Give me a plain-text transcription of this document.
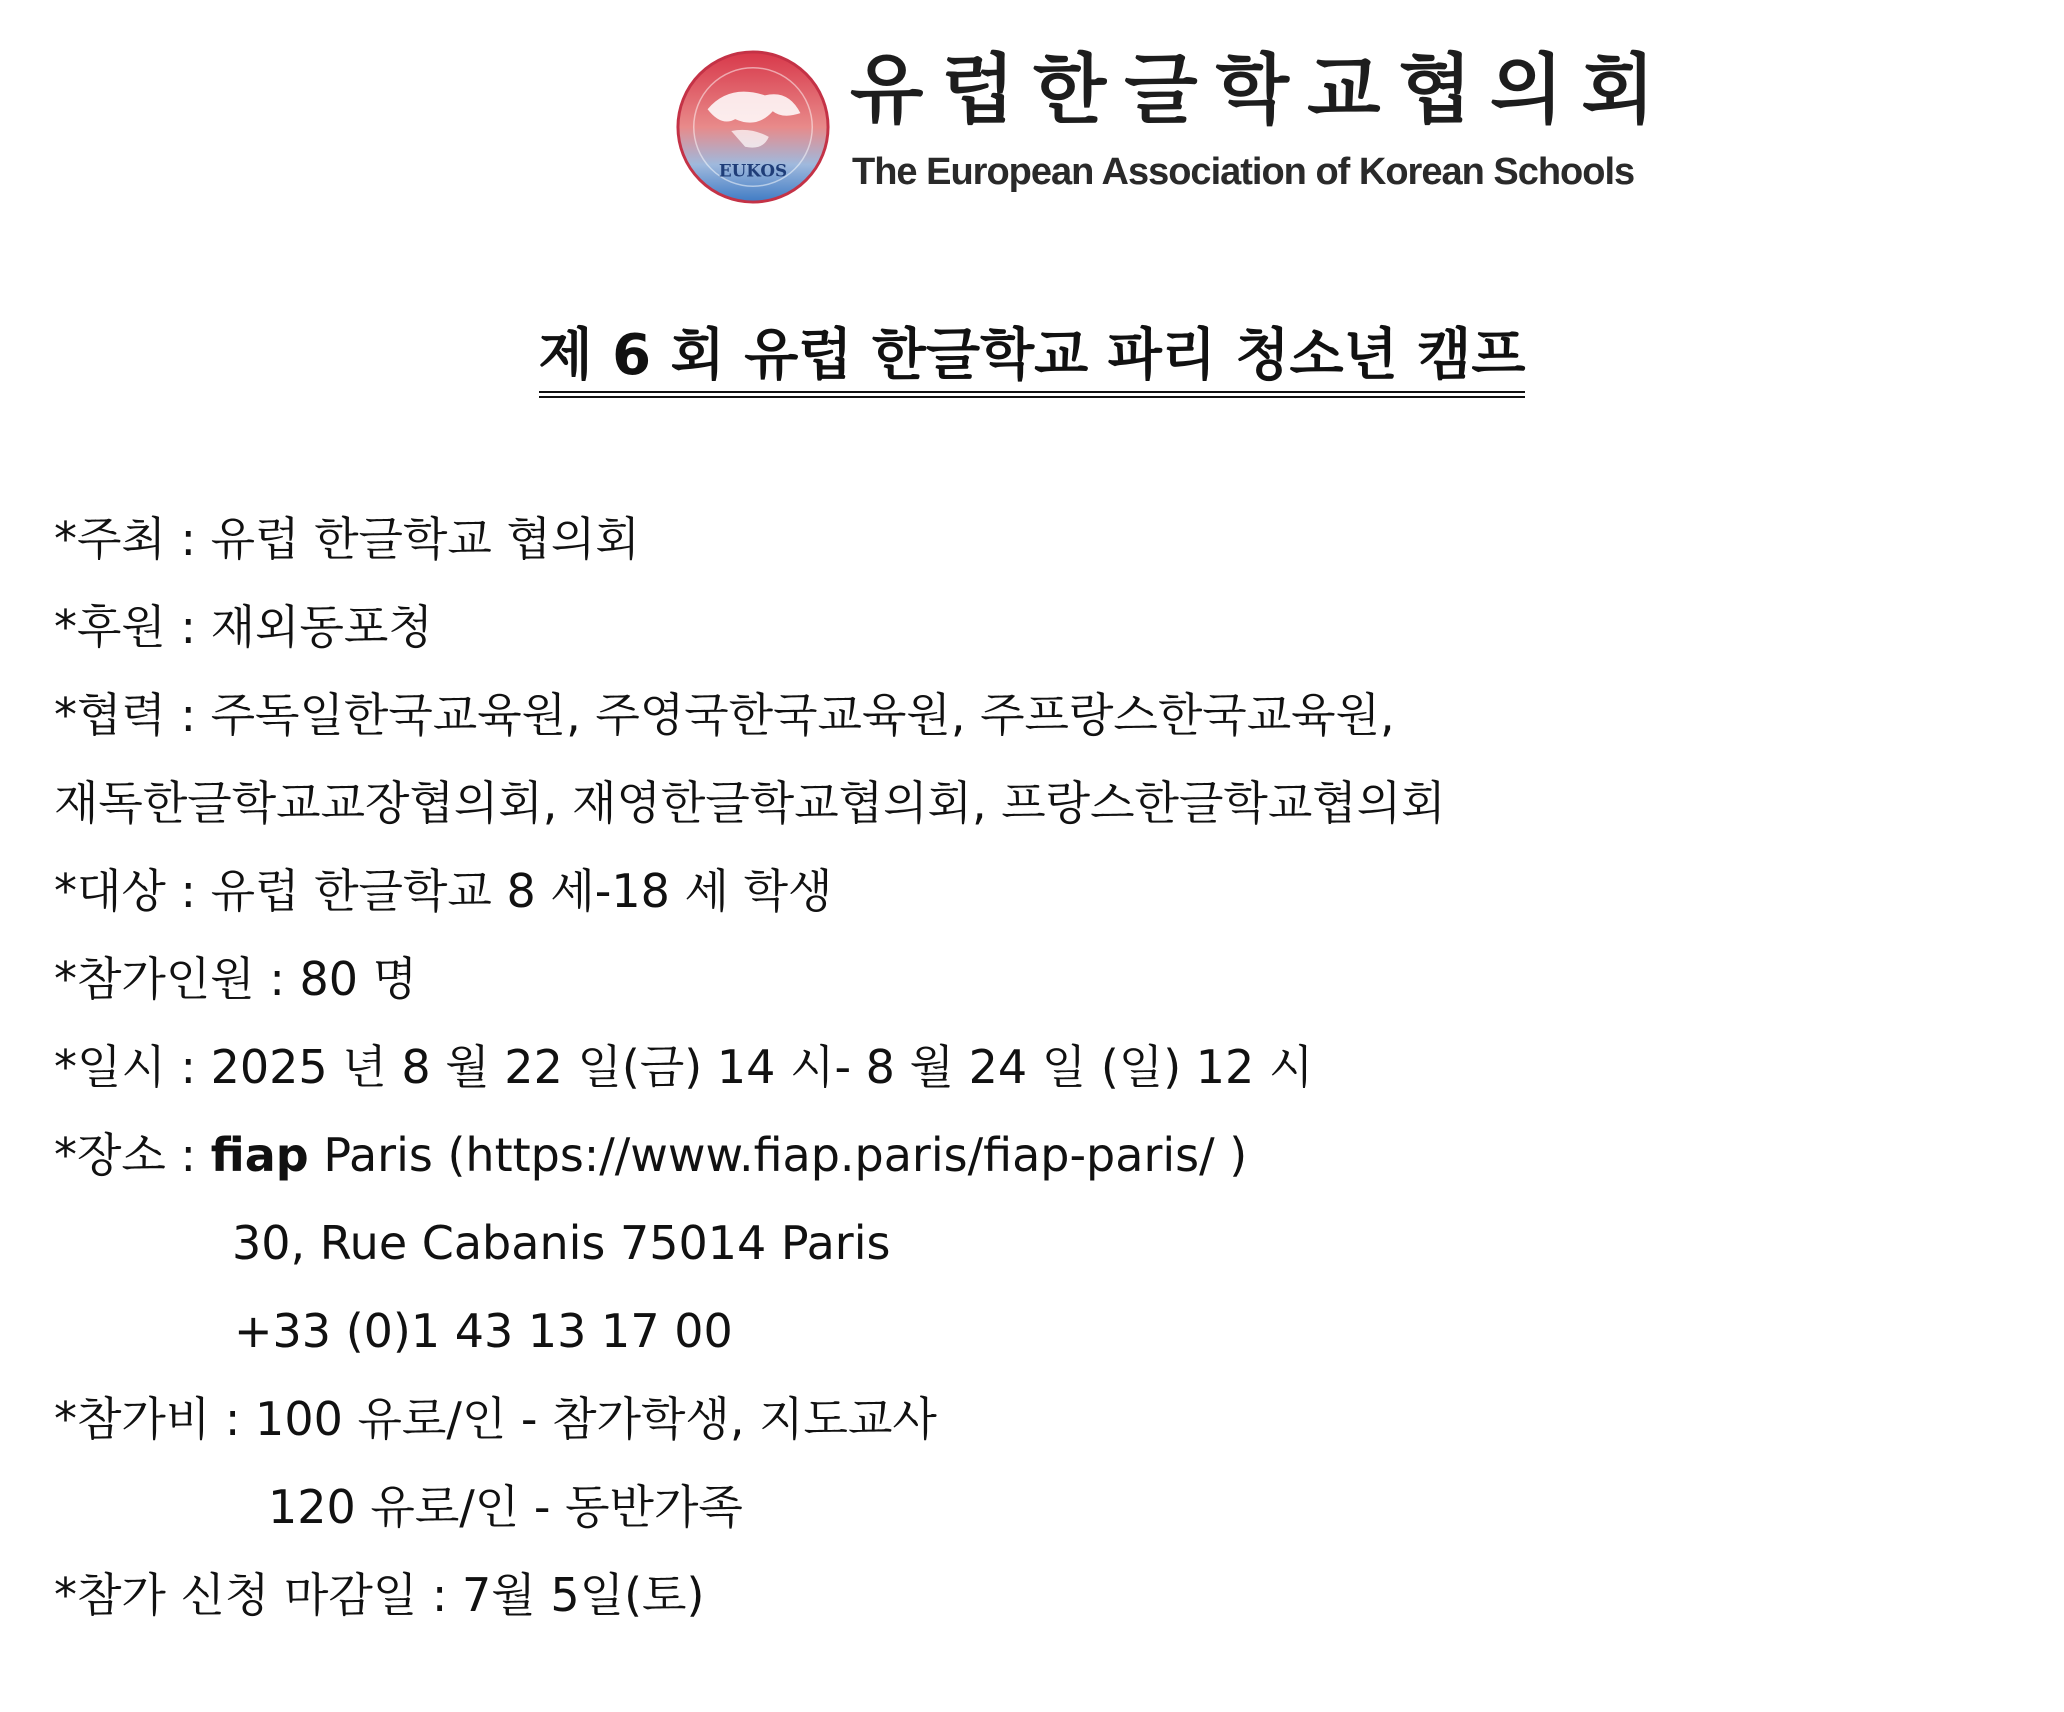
EUKOS
유럽한글학교협의회
The European Association of Korean Schools
제 6 회 유럽 한글학교 파리 청소년 캠프
*주최 : 유럽 한글학교 협의회
*후원 : 재외동포청
*협력 : 주독일한국교육원, 주영국한국교육원, 주프랑스한국교육원,
재독한글학교교장협의회, 재영한글학교협의회, 프랑스한글학교협의회
*대상 : 유럽 한글학교 8 세-18 세 학생
*참가인원 : 80 명
*일시 : 2025 년 8 월 22 일(금) 14 시- 8 월 24 일 (일) 12 시
*장소 : fiap Paris (https://www.fiap.paris/fiap-paris/ )
30, Rue Cabanis 75014 Paris
+33 (0)1 43 13 17 00
*참가비 : 100 유로/인 - 참가학생, 지도교사
120 유로/인 - 동반가족
*참가 신청 마감일 : 7월 5일(토)
